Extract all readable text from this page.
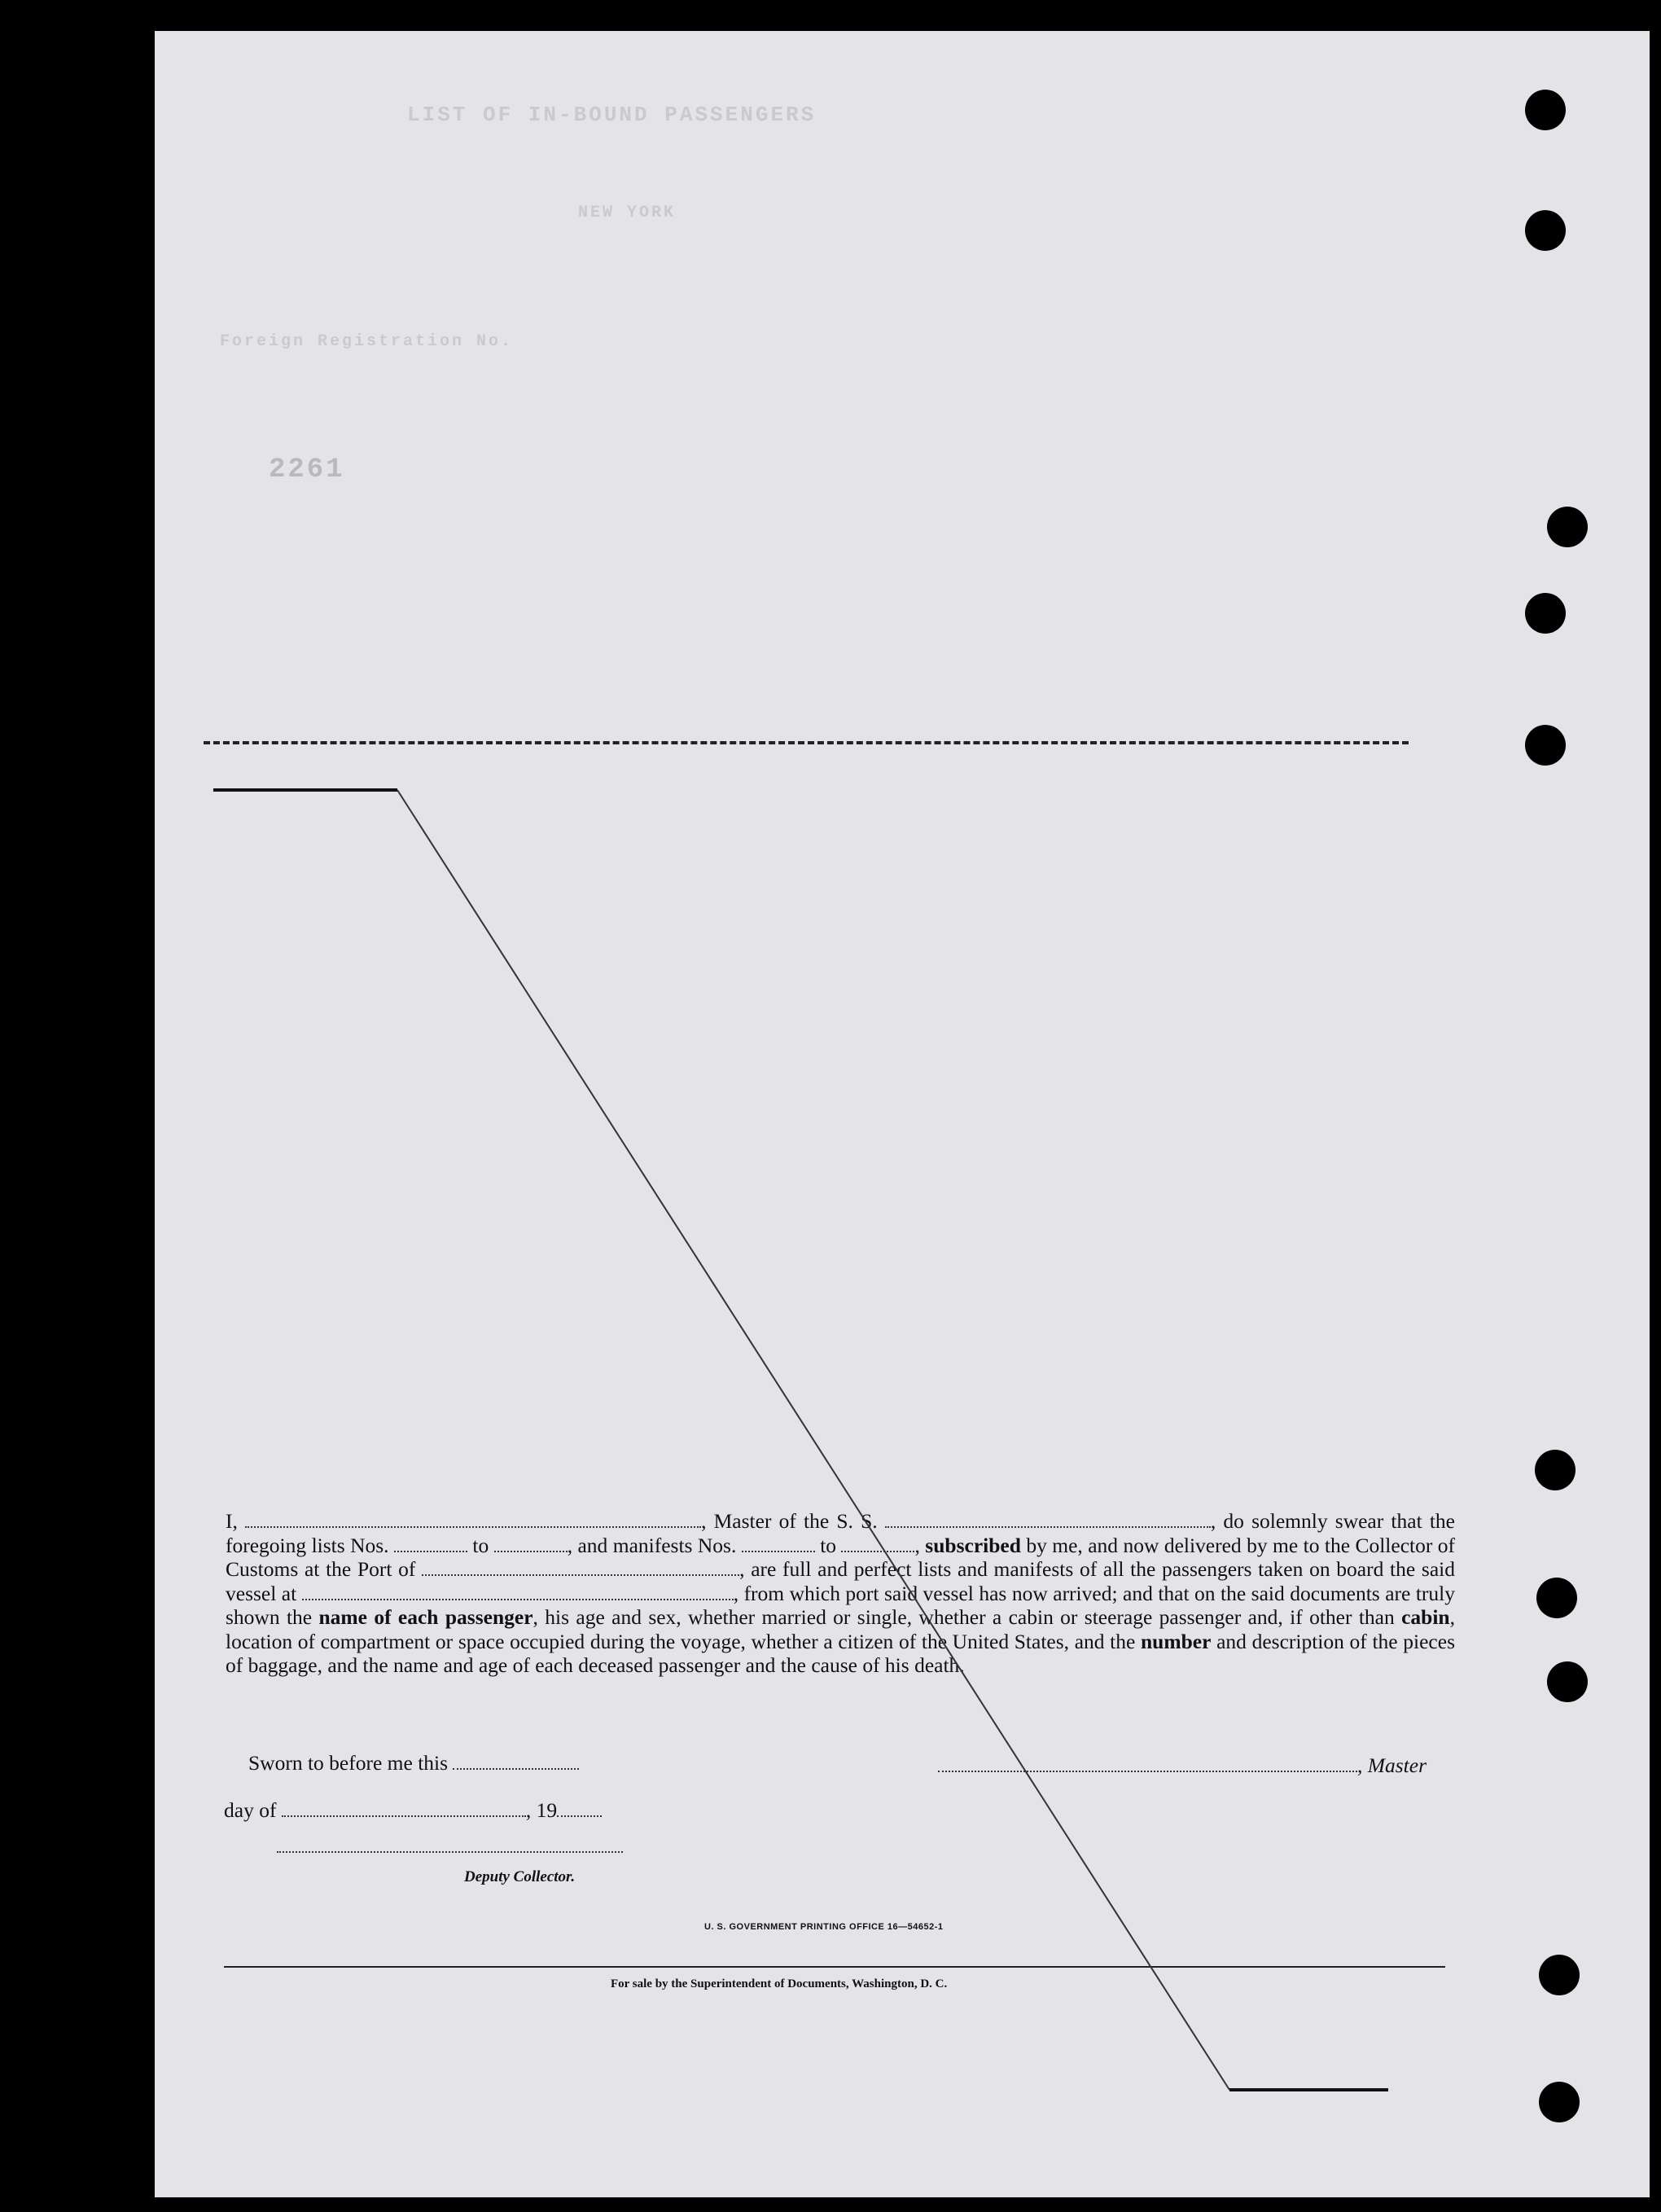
LIST OF IN-BOUND PASSENGERS
NEW YORK
Foreign Registration No.
2261
I,	, Master of the S. S.	, do solemnly swear that the foregoing lists Nos.	to	, and manifests Nos.	to	, subscribed by me, and now delivered by me to the Collector of Customs at the Port of	, are full and perfect lists and manifests of all the passengers taken on board the said vessel at	, from which port said vessel has now arrived; and that on the said documents are truly shown the name of each passenger, his age and sex, whether married or single, whether a cabin or steerage passenger and, if other than cabin, location of compartment or space occupied during the voyage, whether a citizen of the United States, and the number and description of the pieces of baggage, and the name and age of each deceased passenger and the cause of his death.
Sworn to before me this	, Master
day of	, 19
Deputy Collector.
U. S. GOVERNMENT PRINTING OFFICE 16—54652-1
For sale by the Superintendent of Documents, Washington, D. C.
